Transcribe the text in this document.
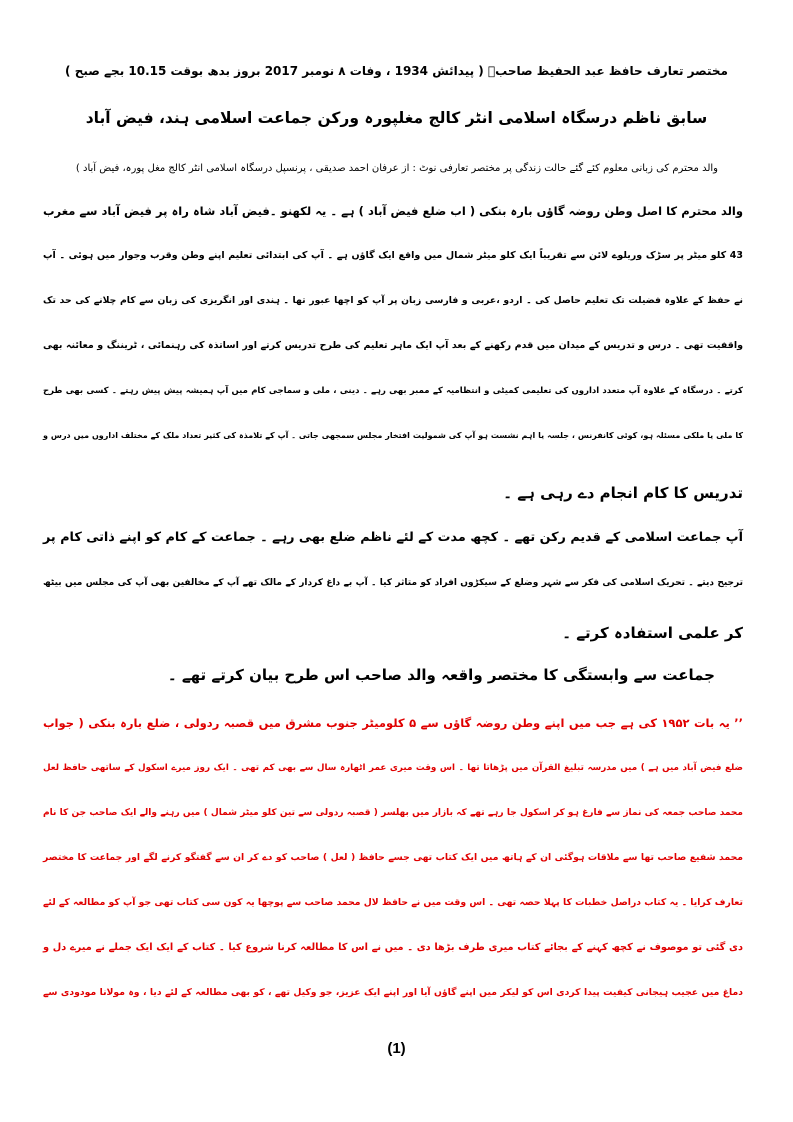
مختصر تعارف حافظ عبد الحفیظ صاحبؒ ( پیدائش 1934 ، وفات ۸ نومبر 2017 بروز بدھ بوقت 10.15 بجے صبح )
سابق ناظم درسگاہ اسلامی انٹر کالج مغلپورہ ورکن جماعت اسلامی ہند، فیض آباد
والد محترم کی زبانی معلوم کئے گئے حالت زندگی پر مختصر تعارفی نوٹ : از عرفان احمد صدیقی ، پرنسپل درسگاہ اسلامی انٹر کالج مغل پورہ، فیض آباد )
والد محترم کا اصل وطن روضہ گاؤں بارہ بنکی ( اب ضلع فیض آباد ) ہے ۔ یہ لکھنو ۔فیض آباد شاہ راہ پر فیض آباد سے مغرب
43 کلو میٹر پر سڑک وریلوے لائن سے تقریباً ایک کلو میٹر شمال میں واقع ایک گاؤں ہے ۔ آپ کی ابتدائی تعلیم اپنے وطن وقرب وجوار میں ہوئی ۔ آپ
نے حفظ کے علاوہ فضیلت تک تعلیم حاصل کی ۔ اردو ،عربی و فارسی زبان پر آپ کو اچھا عبور تھا ۔ ہندی اور انگریزی کی زبان سے کام چلانے کی حد تک
واقفیت تھی ۔ درس و تدریس کے میدان میں قدم رکھنے کے بعد آپ ایک ماہر تعلیم کی طرح تدریس کرتے اور اساتذہ کی رہنمائی ، ٹریننگ و معائنہ بھی
کرتے ۔ درسگاہ کے علاوہ آپ متعدد اداروں کی تعلیمی کمیٹی و انتظامیہ کے ممبر بھی رہے ۔ دینی ، ملی و سماجی کام میں آپ ہمیشہ پیش پیش رہتے ۔ کسی بھی طرح
کا ملی یا ملکی مسئلہ ہو، کوئی کانفرنس ، جلسہ یا اہم نشست ہو آپ کی شمولیت افتخار مجلس سمجھی جاتی ۔ آپ کے تلامذہ کی کثیر تعداد ملک کے مختلف اداروں میں درس و
تدریس کا کام انجام دے رہی ہے ۔
آپ جماعت اسلامی کے قدیم رکن تھے ۔ کچھ مدت کے لئے ناظم ضلع بھی رہے ۔ جماعت کے کام کو اپنے ذاتی کام پر
ترجیح دیتے ۔ تحریک اسلامی کی فکر سے شہر وضلع کے سیکڑوں افراد کو متاثر کیا ۔ آپ بے داغ کردار کے مالک تھے آپ کے مخالفین بھی آپ کی مجلس میں بیٹھ
کر علمی استفادہ کرتے ۔
جماعت سے وابستگی کا مختصر واقعہ والد صاحب اس طرح بیان کرتے تھے ۔
’’ یہ بات ۱۹۵۲ کی ہے جب میں اپنے وطن روضہ گاؤں سے ۵ کلومیٹر جنوب مشرق میں قصبہ ردولی ، ضلع بارہ بنکی ( جواب
ضلع فیض آباد میں ہے ) میں مدرسہ تبلیغ القرآن میں پڑھاتا تھا ۔ اس وقت میری عمر اٹھارہ سال سے بھی کم تھی ۔ ایک روز میرے اسکول کے ساتھی حافظ لعل
محمد صاحب جمعہ کی نماز سے فارغ ہو کر اسکول جا رہے تھے کہ بازار میں بھلسر ( قصبہ ردولی سے تین کلو میٹر شمال ) میں رہنے والے ایک صاحب جن کا نام
محمد شفیع صاحب تھا سے ملاقات ہوگئی ان کے ہاتھ میں ایک کتاب تھی جسے حافظ ( لعل ) صاحب کو دے کر ان سے گفتگو کرنے لگے اور جماعت کا مختصر
تعارف کرایا ۔ یہ کتاب دراصل خطبات کا پہلا حصہ تھی ۔ اس وقت میں نے حافظ لال محمد صاحب سے پوچھا یہ کون سی کتاب تھی جو آپ کو مطالعہ کے لئے
دی گئی تو موصوف نے کچھ کہنے کے بجائے کتاب میری طرف بڑھا دی ۔ میں نے اس کا مطالعہ کرنا شروع کیا ۔ کتاب کے ایک ایک جملے نے میرے دل و
دماغ میں عجیب ہیجانی کیفیت پیدا کردی اس کو لیکر میں اپنے گاؤں آیا اور اپنے ایک عزیز، جو وکیل تھے ، کو بھی مطالعہ کے لئے دیا ، وہ مولانا مودودی سے
(1)
